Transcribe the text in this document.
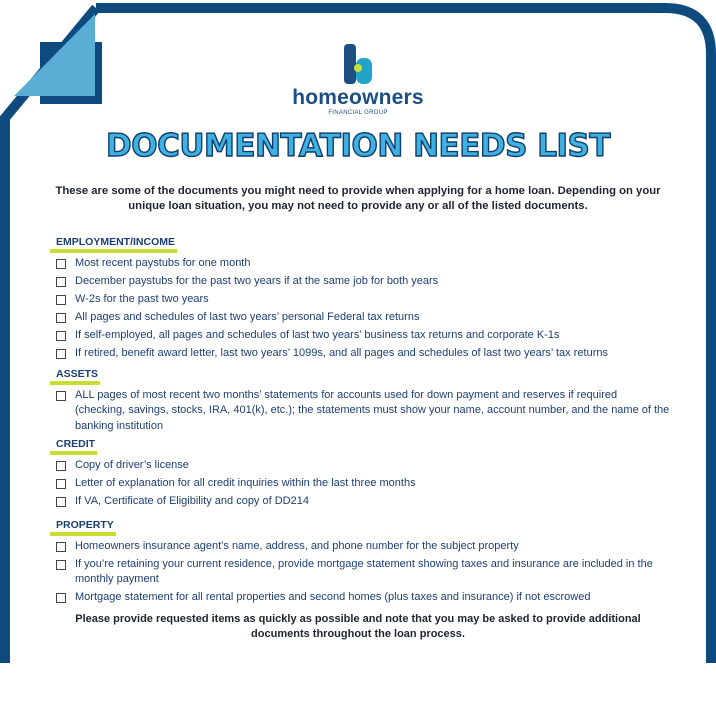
homeowners
FINANCIAL GROUP
DOCUMENTATION NEEDS LIST
These are some of the documents you might need to provide when applying for a home loan. Depending on your unique loan situation, you may not need to provide any or all of the listed documents.
EMPLOYMENT/INCOME
Most recent paystubs for one month
December paystubs for the past two years if at the same job for both years
W-2s for the past two years
All pages and schedules of last two years’ personal Federal tax returns
If self-employed, all pages and schedules of last two years’ business tax returns and corporate K-1s
If retired, benefit award letter, last two years’ 1099s, and all pages and schedules of last two years’ tax returns
ASSETS
ALL pages of most recent two months’ statements for accounts used for down payment and reserves if required (checking, savings, stocks, IRA, 401(k), etc.); the statements must show your name, account number, and the name of the banking institution
CREDIT
Copy of driver’s license
Letter of explanation for all credit inquiries within the last three months
If VA, Certificate of Eligibility and copy of DD214
PROPERTY
Homeowners insurance agent’s name, address, and phone number for the subject property
If you’re retaining your current residence, provide mortgage statement showing taxes and insurance are included in the monthly payment
Mortgage statement for all rental properties and second homes (plus taxes and insurance) if not escrowed
Please provide requested items as quickly as possible and note that you may be asked to provide additional documents throughout the loan process.
